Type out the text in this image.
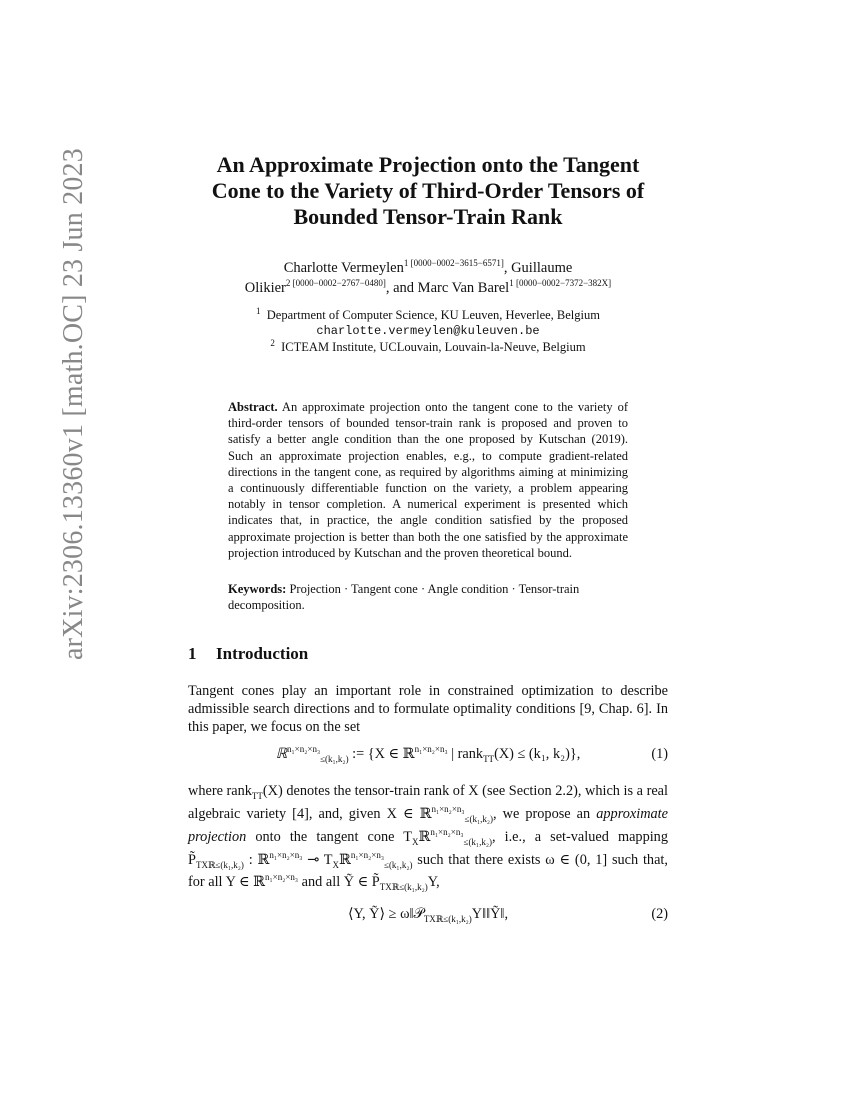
arXiv:2306.13360v1 [math.OC] 23 Jun 2023	An Approximate Projection onto the Tangent
Cone to the Variety of Third-Order Tensors of
Bounded Tensor-Train Rank
Charlotte Vermeylen$^{1 [0000-0002-3615-6571]}$, Guillaume
Olikier$^{2 [0000-0002-2767-0480]}$, and Marc Van Barel$^{1 [0000-0002-7372-382X]}$
$^1$ Department of Computer Science, KU Leuven, Heverlee, Belgium
charlotte.vermeylen@kuleuven.be
$^2$ ICTEAM Institute, UCLouvain, Louvain-la-Neuve, Belgium
Abstract. An approximate projection onto the tangent cone to the variety of third-order tensors of bounded tensor-train rank is proposed and proven to satisfy a better angle condition than the one proposed by Kutschan (2019). Such an approximate projection enables, e.g., to compute gradient-related directions in the tangent cone, as required by algorithms aiming at minimizing a continuously differentiable function on the variety, a problem appearing notably in tensor completion. A numerical experiment is presented which indicates that, in practice, the angle condition satisfied by the proposed approximate projection is better than both the one satisfied by the approximate projection introduced by Kutschan and the proven theoretical bound.
Keywords: Projection · Tangent cone · Angle condition · Tensor-train decomposition.
1 Introduction
Tangent cones play an important role in constrained optimization to describe admissible search directions and to formulate optimality conditions [9, Chap. 6]. In this paper, we focus on the set
ℝ$^{n_1\times n_2\times n_3}_{\le(k_1,k_2)}$ := {X ∈ ℝ$^{n_1\times n_2\times n_3}$ | rank$_{TT}$(X) ≤ (k₁, k₂)},	(1)
where rank$_{TT}$(X) denotes the tensor-train rank of X (see Section 2.2), which is a real algebraic variety [4], and, given X ∈ ℝ$^{n_1\times n_2\times n_3}_{\le(k_1,k_2)}$, we propose an approximate projection onto the tangent cone $T_Xℝ^{n_1\times n_2\times n_3}_{\le(k_1,k_2)}$, i.e., a set-valued mapping $P̃_{TXℝ\le(k_1,k_2)}$ : ℝ$^{n_1\times n_2\times n_3}$ ⊸ $T_Xℝ^{n_1\times n_2\times n_3}_{\le(k_1,k_2)}$ such that there exists ω ∈ (0, 1] such that, for all Y ∈ ℝ$^{n_1\times n_2\times n_3}$ and all Ỹ ∈ $P̃_{TXℝ\le(k_1,k_2)}Y$,
⟨Y, Ỹ⟩ ≥ ω‖𝒫$_{TXℝ\le(k_1,k_2)}$Y‖‖Ỹ‖,	(2)
